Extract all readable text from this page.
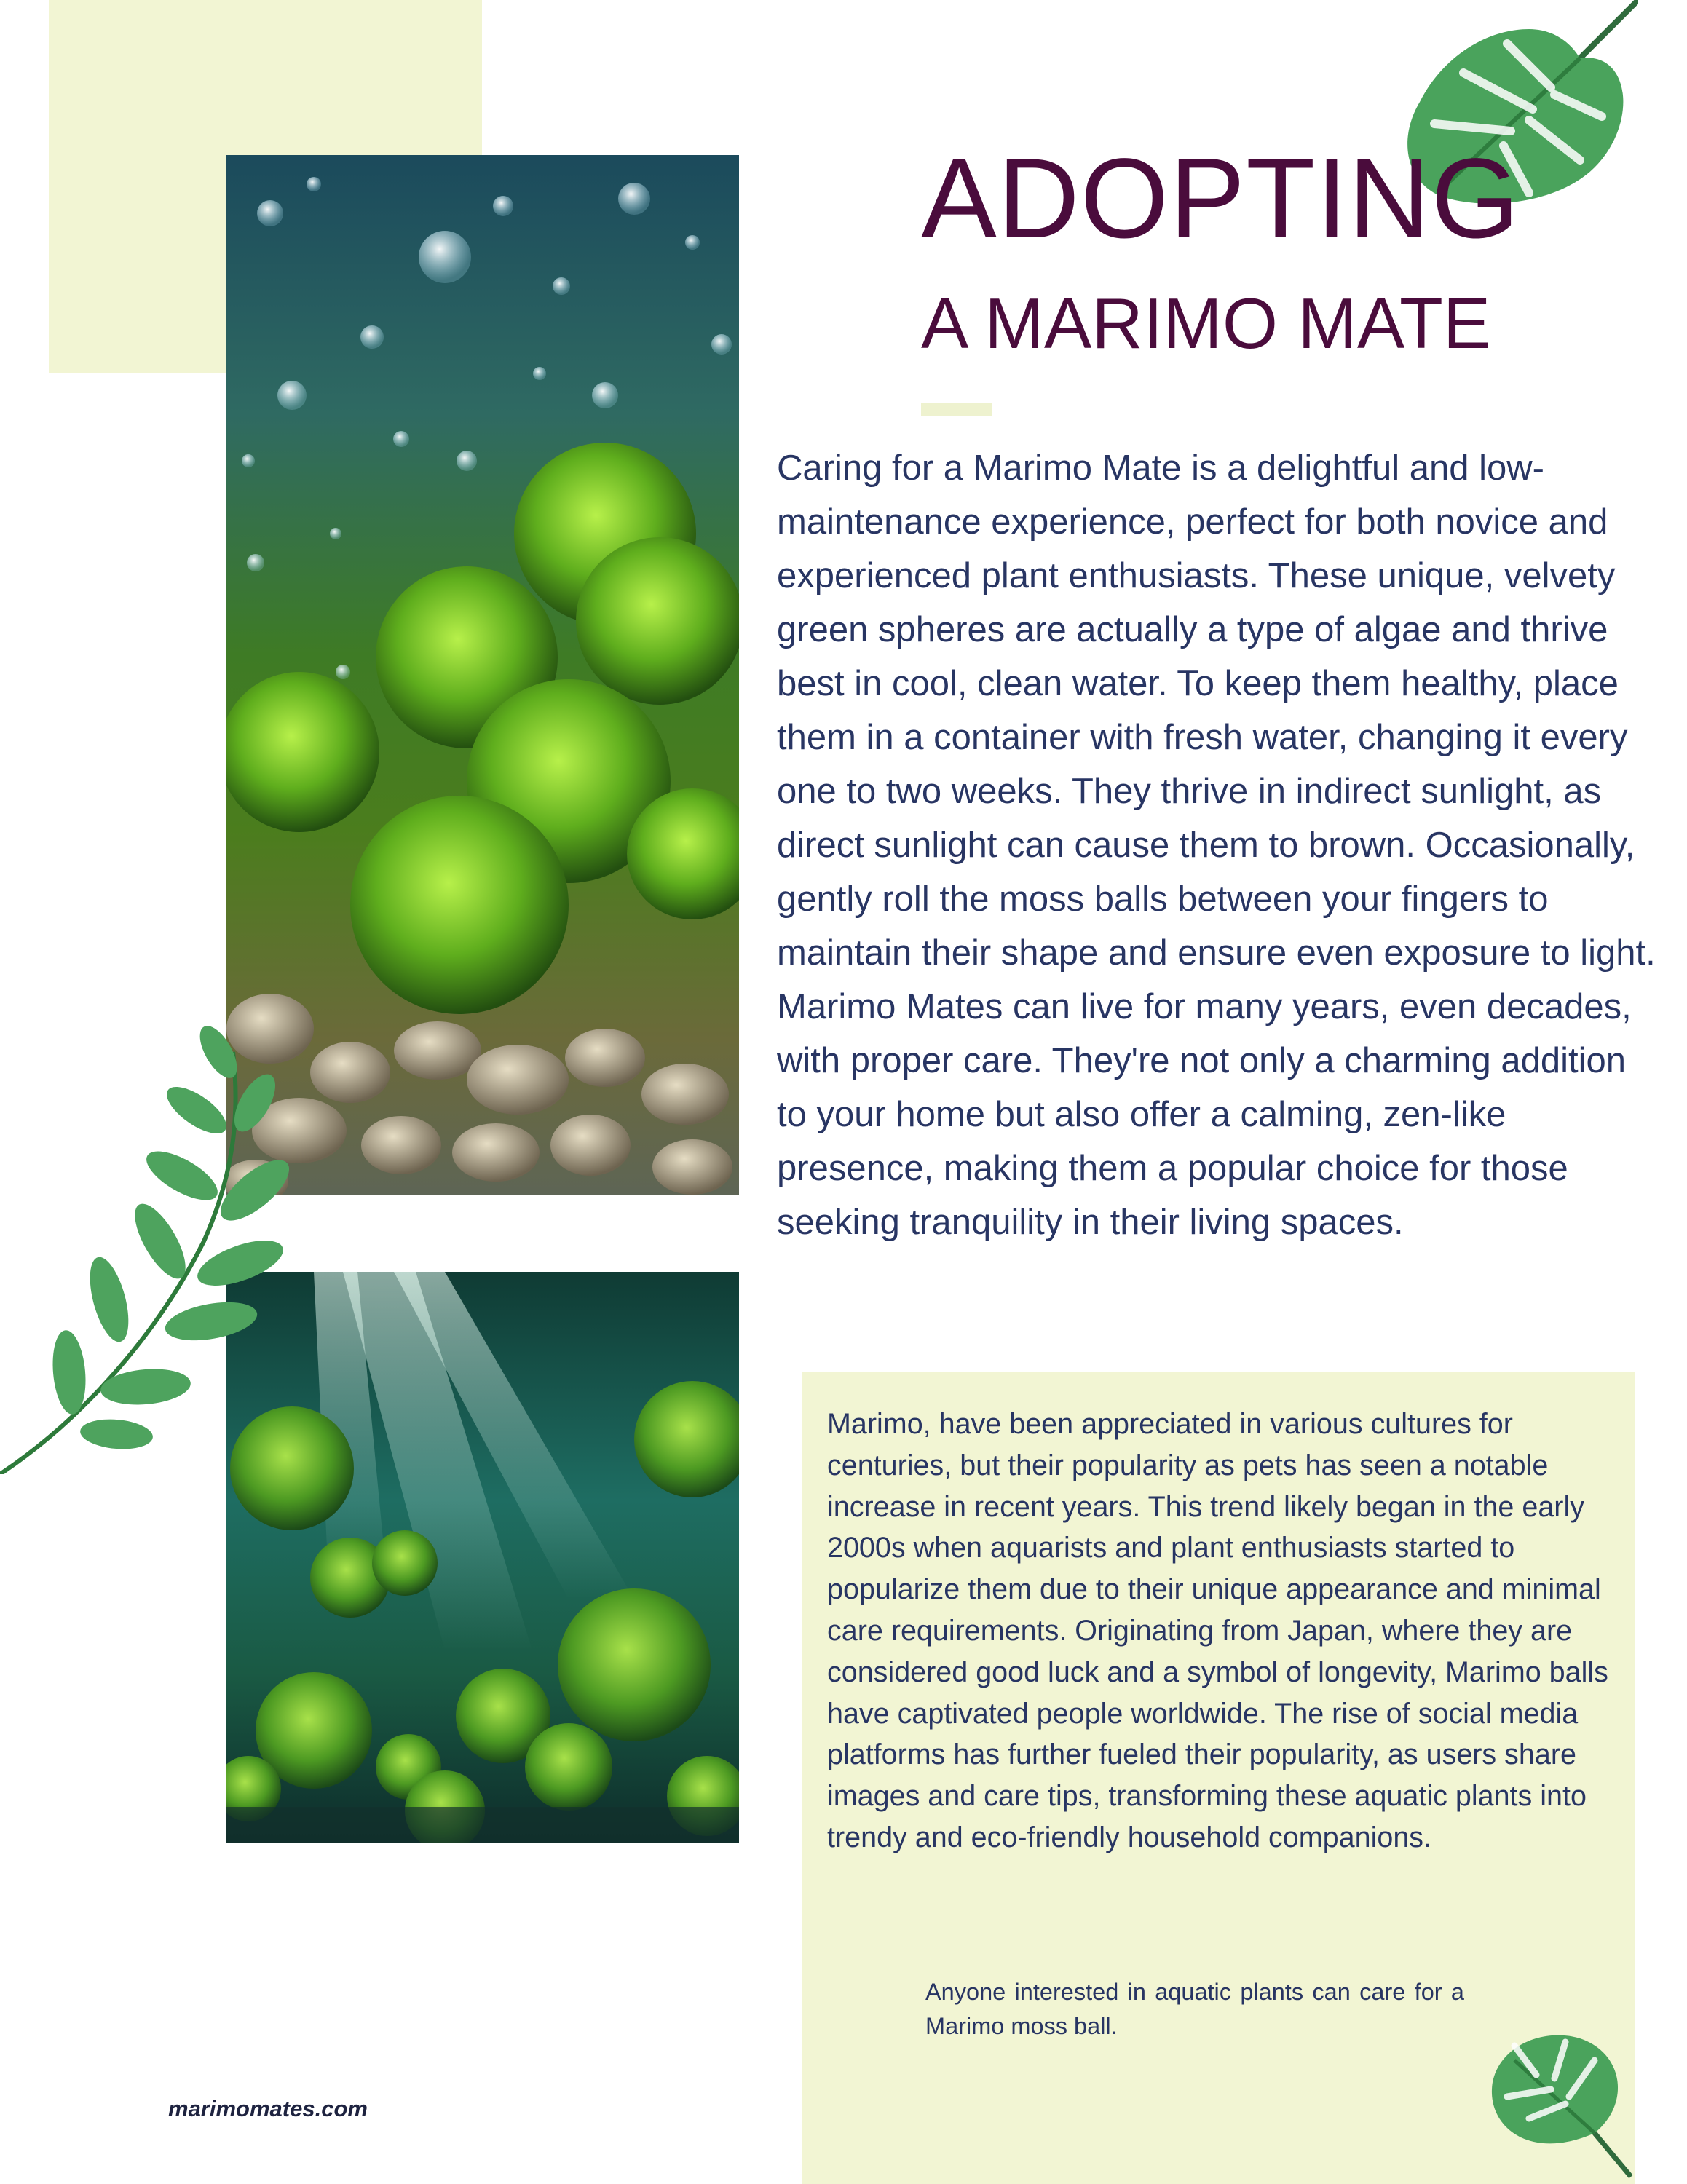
ADOPTING
A MARIMO MATE

Caring for a Marimo Mate is a delightful and low-maintenance experience, perfect for both novice and experienced plant enthusiasts. These unique, velvety green spheres are actually a type of algae and thrive best in cool, clean water. To keep them healthy, place them in a container with fresh water, changing it every one to two weeks. They thrive in indirect sunlight, as direct sunlight can cause them to brown. Occasionally, gently roll the moss balls between your fingers to maintain their shape and ensure even exposure to light. Marimo Mates can live for many years, even decades, with proper care. They're not only a charming addition to your home but also offer a calming, zen-like presence, making them a popular choice for those seeking tranquility in their living spaces.

Marimo, have been appreciated in various cultures for centuries, but their popularity as pets has seen a notable increase in recent years. This trend likely began in the early 2000s when aquarists and plant enthusiasts started to popularize them due to their unique appearance and minimal care requirements. Originating from Japan, where they are considered good luck and a symbol of longevity, Marimo balls have captivated people worldwide. The rise of social media platforms has further fueled their popularity, as users share images and care tips, transforming these aquatic plants into trendy and eco-friendly household companions.

Anyone interested in aquatic plants can care for a Marimo moss ball.

marimomates.com
